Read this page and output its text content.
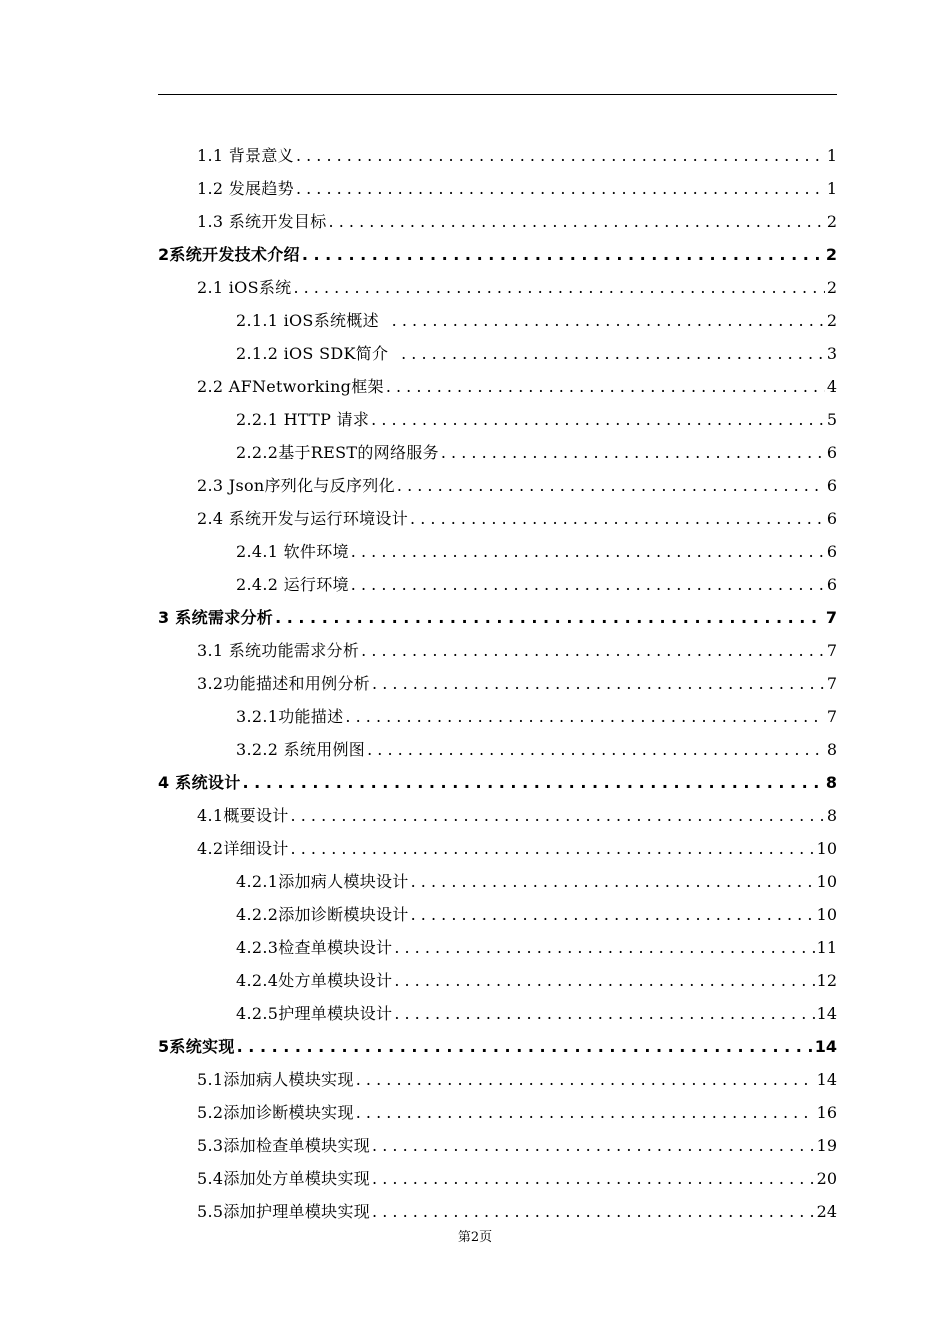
1.1 背景意义 . . .	1
1.2 发展趋势 . . .	1
1.3 系统开发目标 . . .	2
2系统开发技术介绍 . . .	2
2.1 iOS系统 . . .	2
2.1.1 iOS系统概述 . . .	2
2.1.2 iOS SDK简介 . . .	3
2.2 AFNetworking框架 . . .	4
2.2.1 HTTP 请求 . . .	5
2.2.2基于REST的网络服务 . . .	6
2.3 Json序列化与反序列化 . . .	6
2.4 系统开发与运行环境设计 . . .	6
2.4.1 软件环境 . . .	6
2.4.2 运行环境 . . .	6
3 系统需求分析 . . .	7
3.1 系统功能需求分析 . . .	7
3.2功能描述和用例分析 . . .	7
3.2.1功能描述 . . .	7
3.2.2 系统用例图 . . .	8
4 系统设计 . . .	8
4.1概要设计 . . .	8
4.2详细设计 . . .	10
4.2.1添加病人模块设计 . . .	10
4.2.2添加诊断模块设计 . . .	10
4.2.3检查单模块设计 . . .	11
4.2.4处方单模块设计 . . .	12
4.2.5护理单模块设计 . . .	14
5系统实现 . . .	14
5.1添加病人模块实现 . . .	14
5.2添加诊断模块实现 . . .	16
5.3添加检查单模块实现 . . .	19
5.4添加处方单模块实现 . . .	20
5.5添加护理单模块实现 . . .	24
第2页
